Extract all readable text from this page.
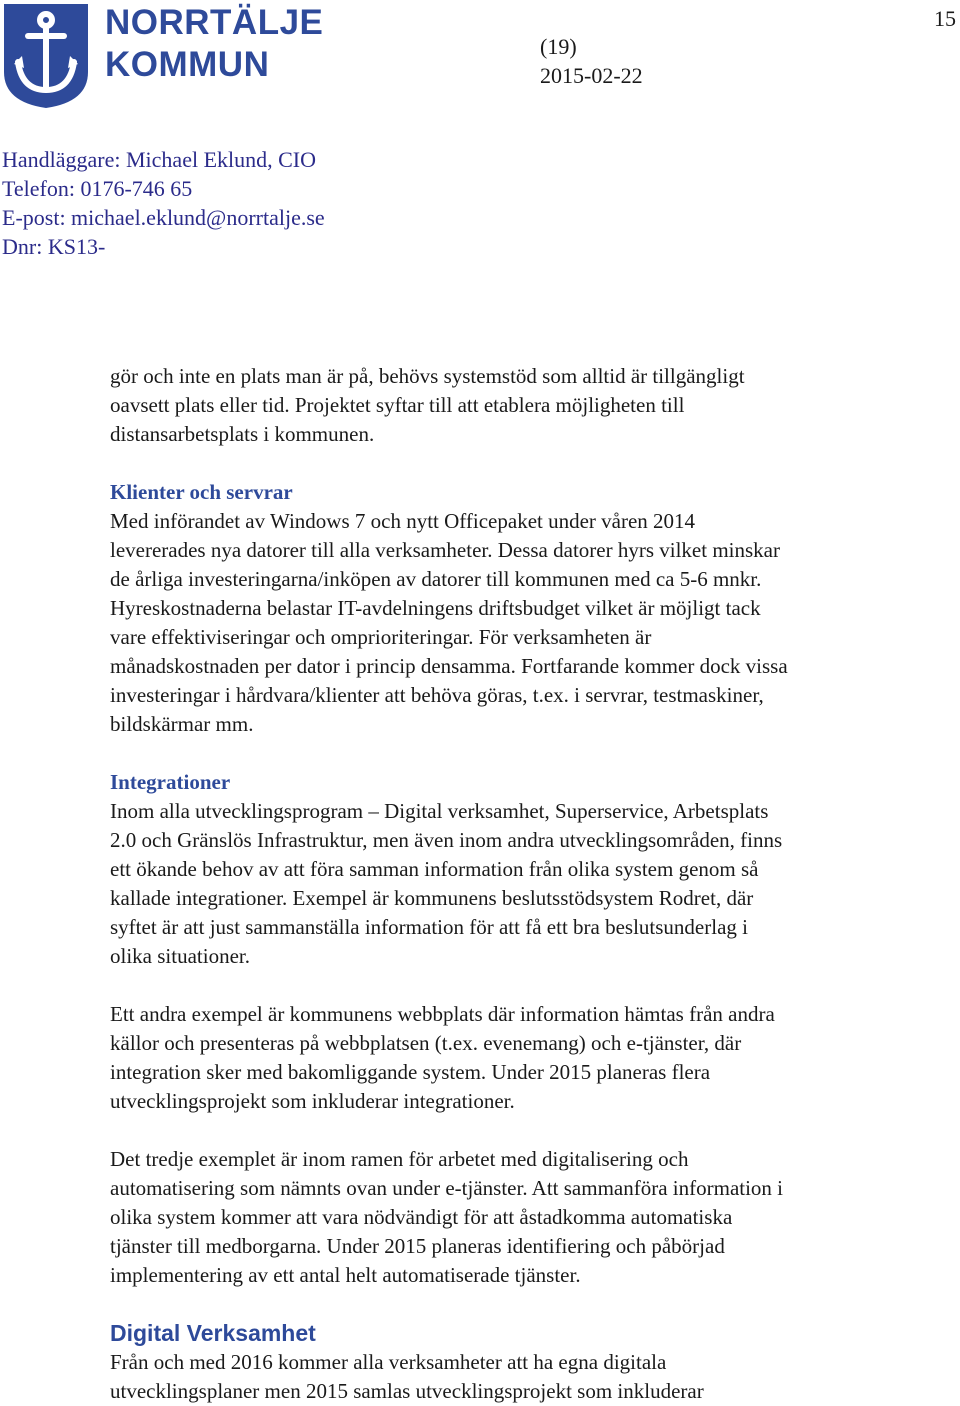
NORRTÄLJE
KOMMUN
15
(19)
2015-02-22
Handläggare: Michael Eklund, CIO
Telefon: 0176-746 65
E-post: michael.eklund@norrtalje.se
Dnr: KS13-

gör och inte en plats man är på, behövs systemstöd som alltid är tillgängligt
oavsett plats eller tid. Projektet syftar till att etablera möjligheten till
distansarbetsplats i kommunen.

Klienter och servrar
Med införandet av Windows 7 och nytt Officepaket under våren 2014
levererades nya datorer till alla verksamheter. Dessa datorer hyrs vilket minskar
de årliga investeringarna/inköpen av datorer till kommunen med ca 5-6 mnkr.
Hyreskostnaderna belastar IT-avdelningens driftsbudget vilket är möjligt tack
vare effektiviseringar och omprioriteringar. För verksamheten är
månadskostnaden per dator i princip densamma. Fortfarande kommer dock vissa
investeringar i hårdvara/klienter att behöva göras, t.ex. i servrar, testmaskiner,
bildskärmar mm.

Integrationer
Inom alla utvecklingsprogram – Digital verksamhet, Superservice, Arbetsplats
2.0 och Gränslös Infrastruktur, men även inom andra utvecklingsområden, finns
ett ökande behov av att föra samman information från olika system genom så
kallade integrationer. Exempel är kommunens beslutsstödsystem Rodret, där
syftet är att just sammanställa information för att få ett bra beslutsunderlag i
olika situationer.

Ett andra exempel är kommunens webbplats där information hämtas från andra
källor och presenteras på webbplatsen (t.ex. evenemang) och e-tjänster, där
integration sker med bakomliggande system. Under 2015 planeras flera
utvecklingsprojekt som inkluderar integrationer.

Det tredje exemplet är inom ramen för arbetet med digitalisering och
automatisering som nämnts ovan under e-tjänster. Att sammanföra information i
olika system kommer att vara nödvändigt för att åstadkomma automatiska
tjänster till medborgarna. Under 2015 planeras identifiering och påbörjad
implementering av ett antal helt automatiserade tjänster.

Digital Verksamhet
Från och med 2016 kommer alla verksamheter att ha egna digitala
utvecklingsplaner men 2015 samlas utvecklingsprojekt som inkluderar
